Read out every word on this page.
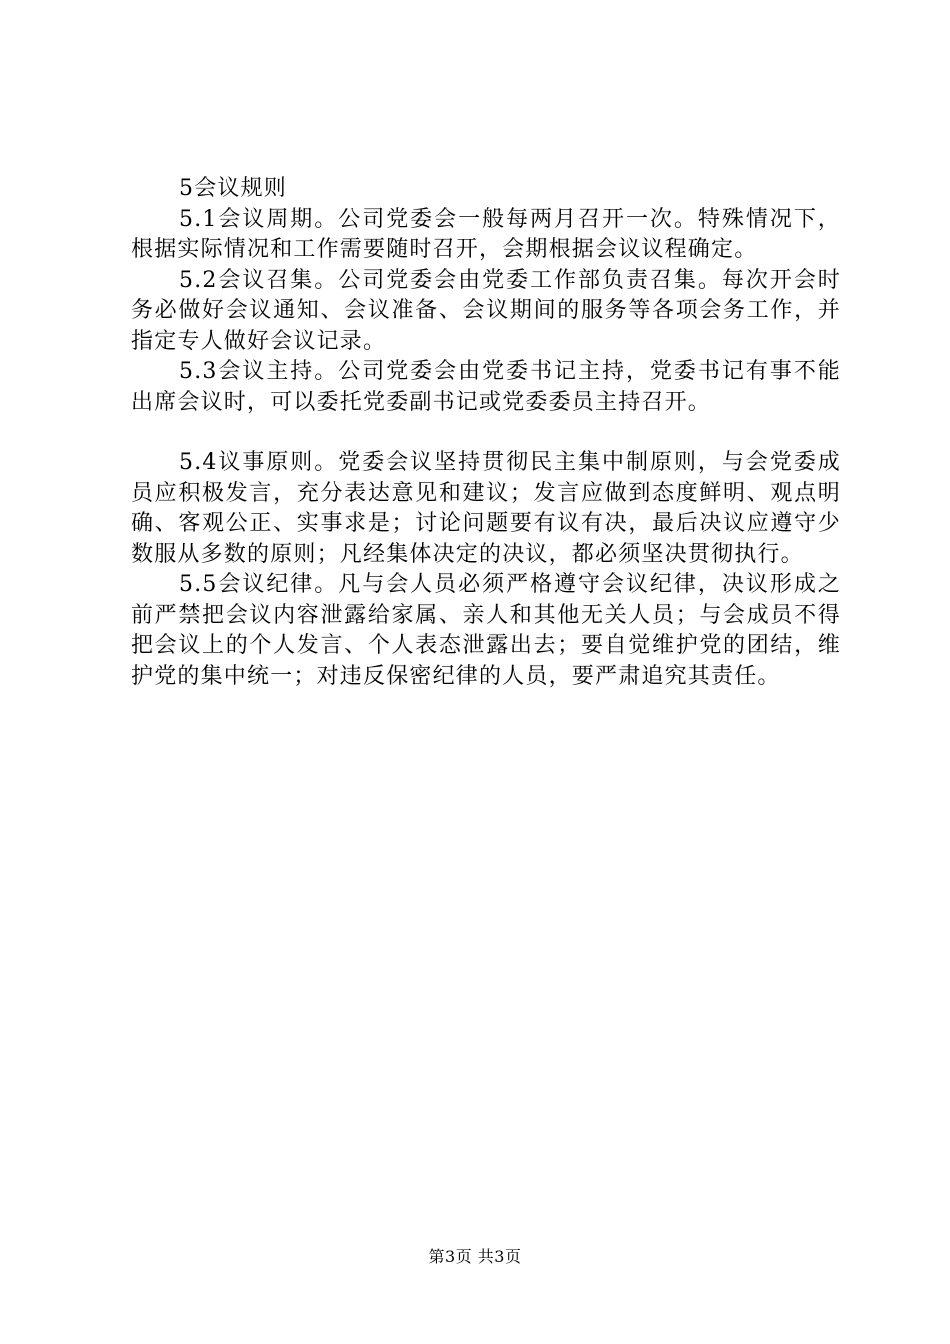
5会议规则

5.1会议周期。公司党委会一般每两月召开一次。特殊情况下，根据实际情况和工作需要随时召开，会期根据会议议程确定。

5.2会议召集。公司党委会由党委工作部负责召集。每次开会时务必做好会议通知、会议准备、会议期间的服务等各项会务工作，并指定专人做好会议记录。

5.3会议主持。公司党委会由党委书记主持，党委书记有事不能出席会议时，可以委托党委副书记或党委委员主持召开。

5.4议事原则。党委会议坚持贯彻民主集中制原则，与会党委成员应积极发言，充分表达意见和建议；发言应做到态度鲜明、观点明确、客观公正、实事求是；讨论问题要有议有决，最后决议应遵守少数服从多数的原则；凡经集体决定的决议，都必须坚决贯彻执行。

5.5会议纪律。凡与会人员必须严格遵守会议纪律，决议形成之前严禁把会议内容泄露给家属、亲人和其他无关人员；与会成员不得把会议上的个人发言、个人表态泄露出去；要自觉维护党的团结，维护党的集中统一；对违反保密纪律的人员，要严肃追究其责任。

第3页 共3页
